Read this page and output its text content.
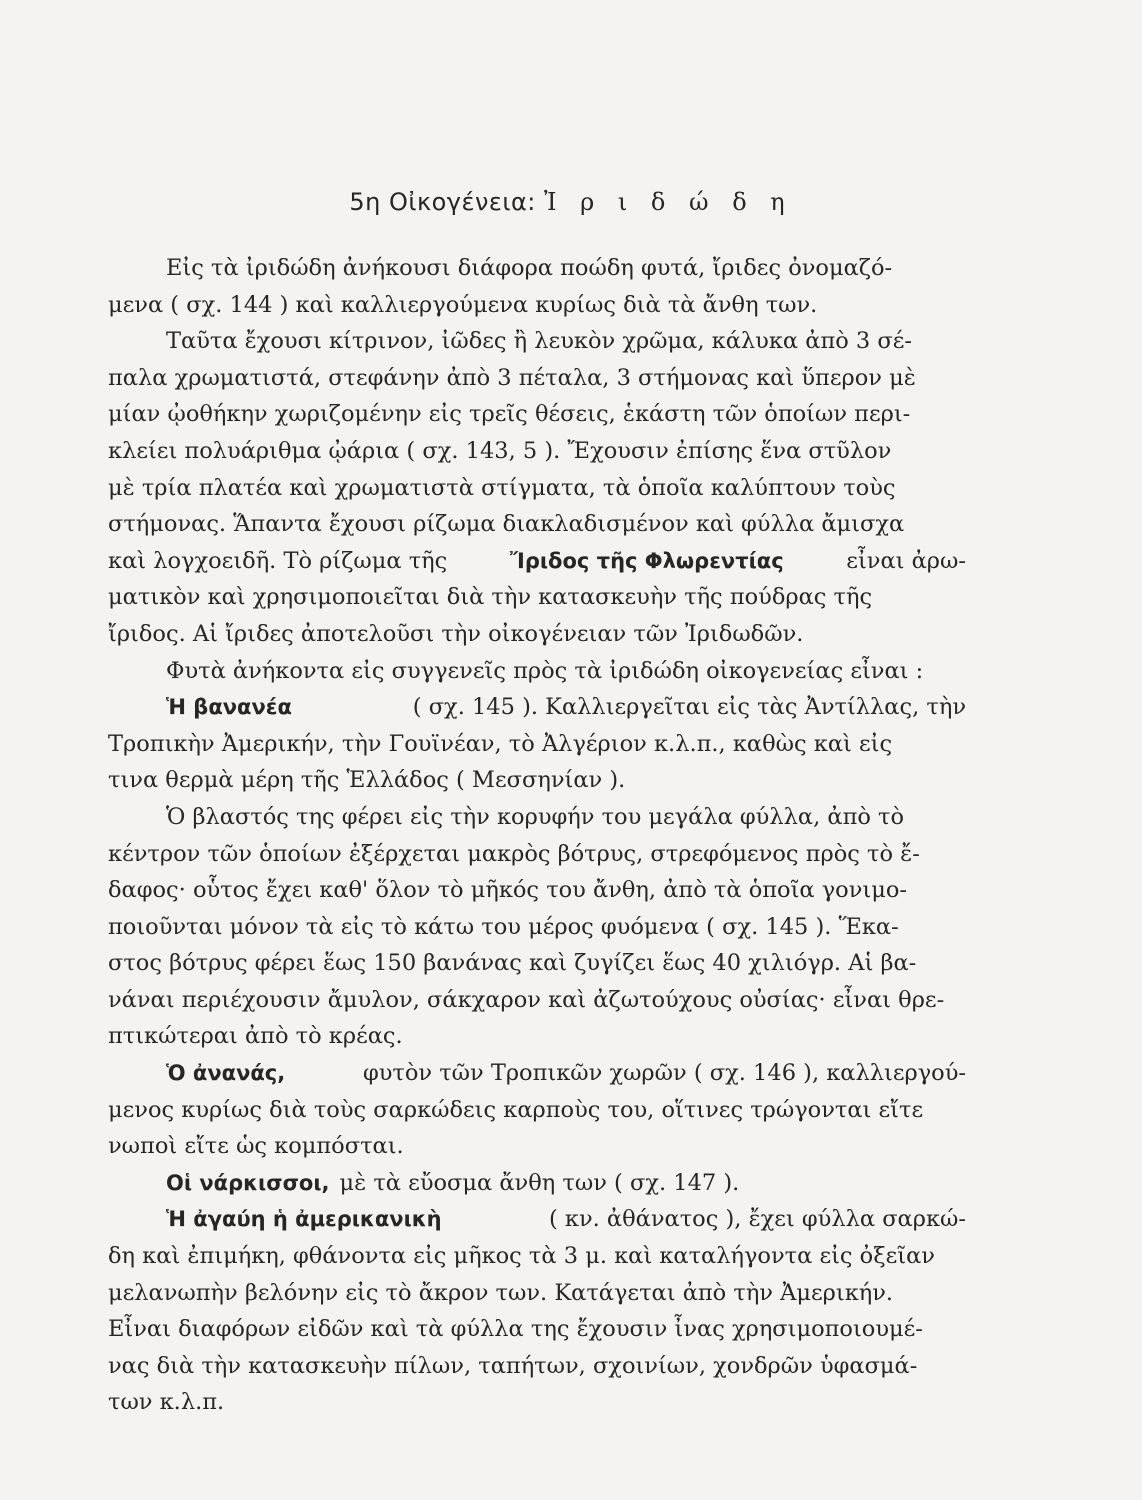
5η Οἰκογένεια: Ἰ ρ ι δ ώ δ η
Εἰς τὰ ἰριδώδη ἀνήκουσι διάφορα ποώδη φυτά, ἴριδες ὀνομαζό-
μενα ( σχ. 144 ) καὶ καλλιεργούμενα κυρίως διὰ τὰ ἄνθη των.
Ταῦτα ἔχουσι κίτρινον, ἰῶδες ἢ λευκὸν χρῶμα, κάλυκα ἀπὸ 3 σέ-
παλα χρωματιστά, στεφάνην ἀπὸ 3 πέταλα, 3 στήμονας καὶ ὕπερον μὲ
μίαν ᾠοθήκην χωριζομένην εἰς τρεῖς θέσεις, ἑκάστη τῶν ὁποίων περι-
κλείει πολυάριθμα ᾠάρια ( σχ. 143, 5 ). Ἔχουσιν ἐπίσης ἕνα στῦλον
μὲ τρία πλατέα καὶ χρωματιστὰ στίγματα, τὰ ὁποῖα καλύπτουν τοὺς
στήμονας. Ἅπαντα ἔχουσι ρίζωμα διακλαδισμένον καὶ φύλλα ἄμισχα
καὶ λογχοειδῆ. Τὸ ρίζωμα τῆς	Ἴριδος τῆς Φλωρεντίας	εἶναι ἀρω-
ματικὸν καὶ χρησιμοποιεῖται διὰ τὴν κατασκευὴν τῆς πούδρας τῆς
ἴριδος. Αἱ ἴριδες ἀποτελοῦσι τὴν οἰκογένειαν τῶν Ἰριδωδῶν.
Φυτὰ ἀνήκοντα εἰς συγγενεῖς πρὸς τὰ ἰριδώδη οἰκογενείας εἶναι :
Ἡ βανανέα	( σχ. 145 ). Καλλιεργεῖται εἰς τὰς Ἀντίλλας, τὴν
Τροπικὴν Ἀμερικήν, τὴν Γουϊνέαν, τὸ Ἀλγέριον κ.λ.π., καθὼς καὶ εἰς
τινα θερμὰ μέρη τῆς Ἑλλάδος ( Μεσσηνίαν ).
Ὁ βλαστός της φέρει εἰς τὴν κορυφήν του μεγάλα φύλλα, ἀπὸ τὸ
κέντρον τῶν ὁποίων ἐξέρχεται μακρὸς βότρυς, στρεφόμενος πρὸς τὸ ἔ-
δαφος· οὗτος ἔχει καθ' ὅλον τὸ μῆκός του ἄνθη, ἀπὸ τὰ ὁποῖα γονιμο-
ποιοῦνται μόνον τὰ εἰς τὸ κάτω του μέρος φυόμενα ( σχ. 145 ). Ἕκα-
στος βότρυς φέρει ἕως 150 βανάνας καὶ ζυγίζει ἕως 40 χιλιόγρ. Αἱ βα-
νάναι περιέχουσιν ἄμυλον, σάκχαρον καὶ ἀζωτούχους οὐσίας· εἶναι θρε-
πτικώτεραι ἀπὸ τὸ κρέας.
Ὁ ἀνανάς,	φυτὸν τῶν Τροπικῶν χωρῶν ( σχ. 146 ), καλλιεργού-
μενος κυρίως διὰ τοὺς σαρκώδεις καρποὺς του, οἵτινες τρώγονται εἴτε
νωποὶ εἴτε ὡς κομπόσται.
Οἱ νάρκισσοι, μὲ τὰ εὔοσμα ἄνθη των ( σχ. 147 ).
Ἡ ἀγαύη ἡ ἀμερικανικὴ	( κν. ἀθάνατος ), ἔχει φύλλα σαρκώ-
δη καὶ ἐπιμήκη, φθάνοντα εἰς μῆκος τὰ 3 μ. καὶ καταλήγοντα εἰς ὀξεῖαν
μελανωπὴν βελόνην εἰς τὸ ἄκρον των. Κατάγεται ἀπὸ τὴν Ἀμερικήν.
Εἶναι διαφόρων εἰδῶν καὶ τὰ φύλλα της ἔχουσιν ἶνας χρησιμοποιουμέ-
νας διὰ τὴν κατασκευὴν πίλων, ταπήτων, σχοινίων, χονδρῶν ὑφασμά-
των κ.λ.π.
